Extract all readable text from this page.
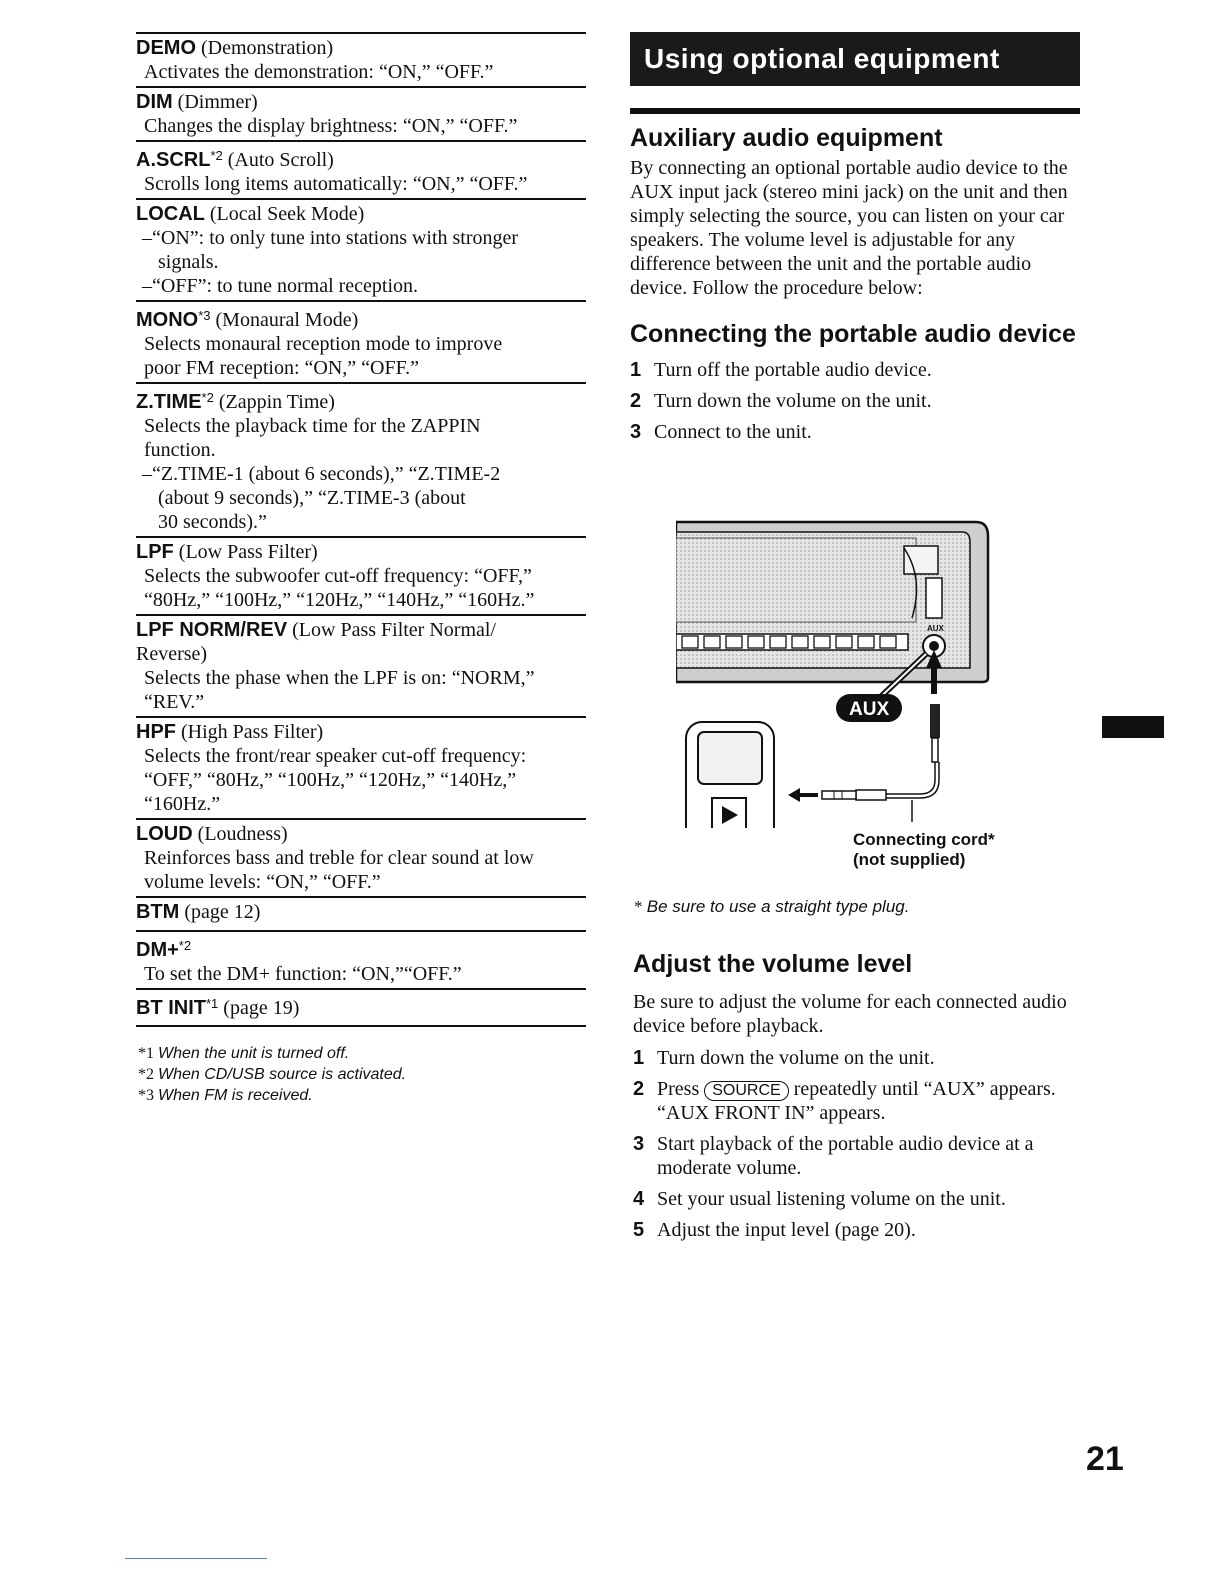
DEMO (Demonstration)
Activates the demonstration: “ON,” “OFF.”
DIM (Dimmer)
Changes the display brightness: “ON,” “OFF.”
A.SCRL$^{*2}$ (Auto Scroll)
Scrolls long items automatically: “ON,” “OFF.”
LOCAL (Local Seek Mode)
–“ON”: to only tune into stations with stronger
signals.
–“OFF”: to tune normal reception.
MONO$^{*3}$ (Monaural Mode)
Selects monaural reception mode to improve
poor FM reception: “ON,” “OFF.”
Z.TIME$^{*2}$ (Zappin Time)
Selects the playback time for the ZAPPIN
function.
–“Z.TIME-1 (about 6 seconds),” “Z.TIME-2
(about 9 seconds),” “Z.TIME-3 (about
30 seconds).”
LPF (Low Pass Filter)
Selects the subwoofer cut-off frequency: “OFF,”
“80Hz,” “100Hz,” “120Hz,” “140Hz,” “160Hz.”
LPF NORM/REV (Low Pass Filter Normal/
Reverse)
Selects the phase when the LPF is on: “NORM,”
“REV.”
HPF (High Pass Filter)
Selects the front/rear speaker cut-off frequency:
“OFF,” “80Hz,” “100Hz,” “120Hz,” “140Hz,”
“160Hz.”
LOUD (Loudness)
Reinforces bass and treble for clear sound at low
volume levels: “ON,” “OFF.”
BTM (page 12)
DM+$^{*2}$
To set the DM+ function: “ON,”“OFF.”
BT INIT$^{*1}$ (page 19)
*1 When the unit is turned off.
*2 When CD/USB source is activated.
*3 When FM is received.
Using optional equipment
Auxiliary audio equipment
By connecting an optional portable audio device to the AUX input jack (stereo mini jack) on the unit and then simply selecting the source, you can listen on your car speakers. The volume level is adjustable for any difference between the unit and the portable audio device. Follow the procedure below:
Connecting the portable audio device
1 Turn off the portable audio device.
2 Turn down the volume on the unit.
3 Connect to the unit.
AUX
AUX
Connecting cord*
(not supplied)
* Be sure to use a straight type plug.
Adjust the volume level
Be sure to adjust the volume for each connected audio device before playback.
1 Turn down the volume on the unit.
2 Press SOURCE repeatedly until “AUX” appears.
“AUX FRONT IN” appears.
3 Start playback of the portable audio device at a moderate volume.
4 Set your usual listening volume on the unit.
5 Adjust the input level (page 20).
21
